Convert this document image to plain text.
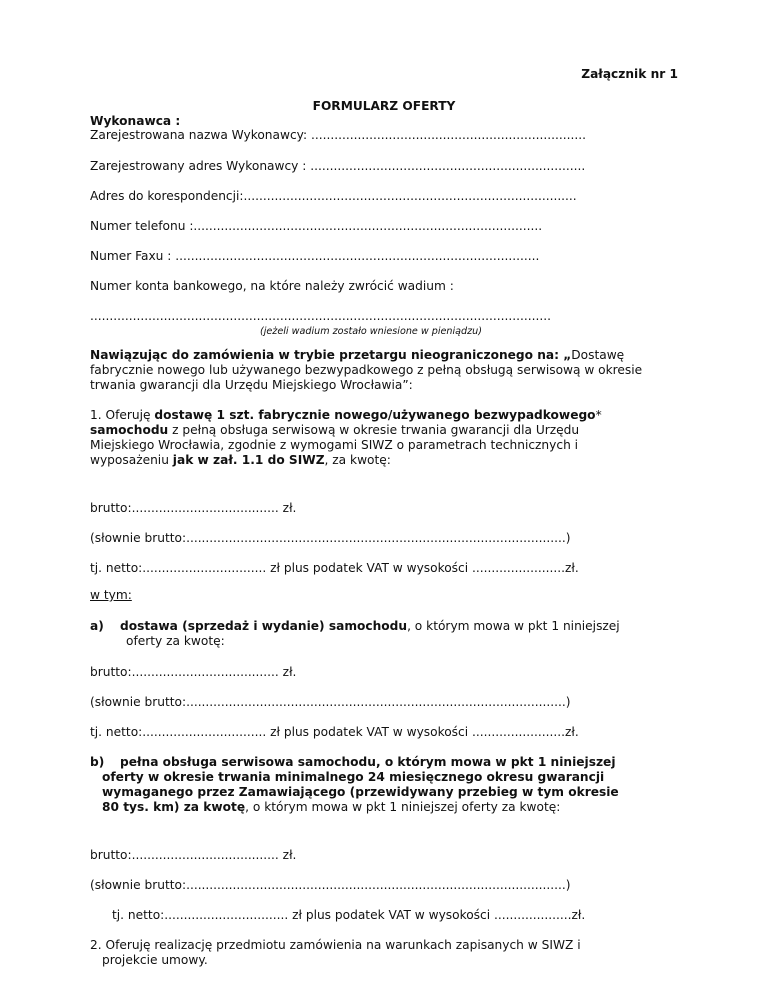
Załącznik nr 1
FORMULARZ OFERTY
Wykonawca :
Zarejestrowana nazwa Wykonawcy: .......................................................................
Zarejestrowany adres Wykonawcy : .......................................................................
Adres do korespondencji:......................................................................................
Numer telefonu :..........................................................................................
Numer Faxu : ..............................................................................................
Numer konta bankowego, na które należy zwrócić wadium :
.......................................................................................................................
(jeżeli wadium zostało wniesione w pieniądzu)
Nawiązując do zamówienia w trybie przetargu nieograniczonego na: „Dostawę
fabrycznie nowego lub używanego bezwypadkowego z pełną obsługą serwisową w okresie
trwania gwarancji dla Urzędu Miejskiego Wrocławia”:
1. Oferuję dostawę 1 szt. fabrycznie nowego/używanego bezwypadkowego*
samochodu z pełną obsługa serwisową w okresie trwania gwarancji dla Urzędu
Miejskiego Wrocławia, zgodnie z wymogami SIWZ o parametrach technicznych i
wyposażeniu jak w zał. 1.1 do SIWZ, za kwotę:
brutto:...................................... zł.
(słownie brutto:..................................................................................................)
tj. netto:................................ zł plus podatek VAT w wysokości ........................zł.
w tym:
a) dostawa (sprzedaż i wydanie) samochodu, o którym mowa w pkt 1 niniejszej
oferty za kwotę:
brutto:...................................... zł.
(słownie brutto:..................................................................................................)
tj. netto:................................ zł plus podatek VAT w wysokości ........................zł.
b) pełna obsługa serwisowa samochodu, o którym mowa w pkt 1 niniejszej
oferty w okresie trwania minimalnego 24 miesięcznego okresu gwarancji
wymaganego przez Zamawiającego (przewidywany przebieg w tym okresie
80 tys. km) za kwotę, o którym mowa w pkt 1 niniejszej oferty za kwotę:
brutto:...................................... zł.
(słownie brutto:..................................................................................................)
tj. netto:................................ zł plus podatek VAT w wysokości ....................zł.
2. Oferuję realizację przedmiotu zamówienia na warunkach zapisanych w SIWZ i
projekcie umowy.
